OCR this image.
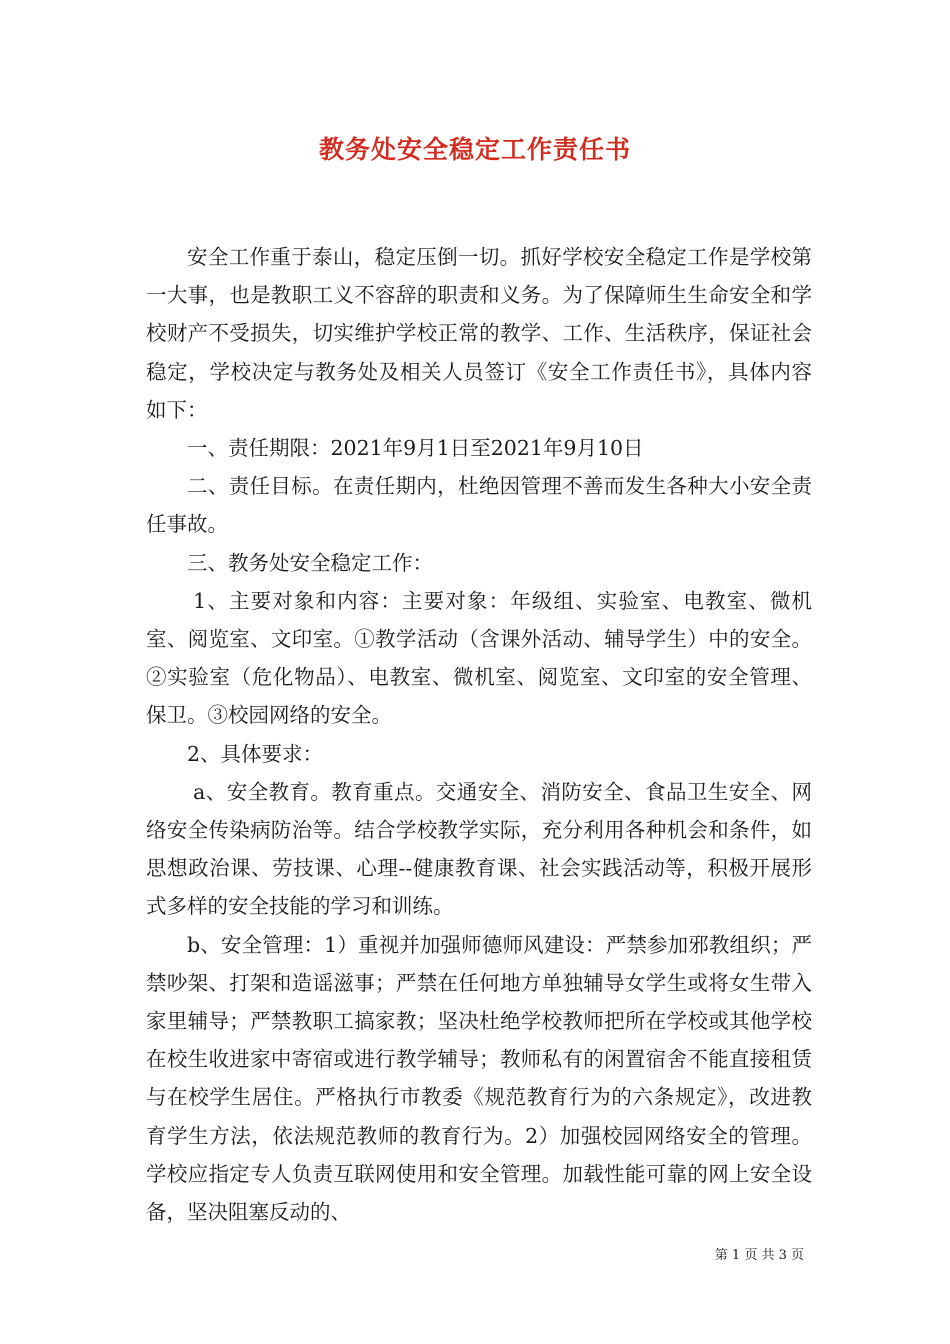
教务处安全稳定工作责任书

安全工作重于泰山，稳定压倒一切。抓好学校安全稳定工作是学校第一大事，也是教职工义不容辞的职责和义务。为了保障师生生命安全和学校财产不受损失，切实维护学校正常的教学、工作、生活秩序，保证社会稳定，学校决定与教务处及相关人员签订《安全工作责任书》，具体内容如下：

一、责任期限：2021年9月1日至2021年9月10日

二、责任目标。在责任期内，杜绝因管理不善而发生各种大小安全责任事故。

三、教务处安全稳定工作：

1、主要对象和内容：主要对象：年级组、实验室、电教室、微机室、阅览室、文印室。①教学活动（含课外活动、辅导学生）中的安全。②实验室（危化物品）、电教室、微机室、阅览室、文印室的安全管理、保卫。③校园网络的安全。

2、具体要求：

a、安全教育。教育重点。交通安全、消防安全、食品卫生安全、网络安全传染病防治等。结合学校教学实际，充分利用各种机会和条件，如思想政治课、劳技课、心理--健康教育课、社会实践活动等，积极开展形式多样的安全技能的学习和训练。

b、安全管理：1）重视并加强师德师风建设：严禁参加邪教组织；严禁吵架、打架和造谣滋事；严禁在任何地方单独辅导女学生或将女生带入家里辅导；严禁教职工搞家教；坚决杜绝学校教师把所在学校或其他学校在校生收进家中寄宿或进行教学辅导；教师私有的闲置宿舍不能直接租赁与在校学生居住。严格执行市教委《规范教育行为的六条规定》，改进教育学生方法，依法规范教师的教育行为。2）加强校园网络安全的管理。学校应指定专人负责互联网使用和安全管理。加载性能可靠的网上安全设备，坚决阻塞反动的、

第 1 页 共 3 页
